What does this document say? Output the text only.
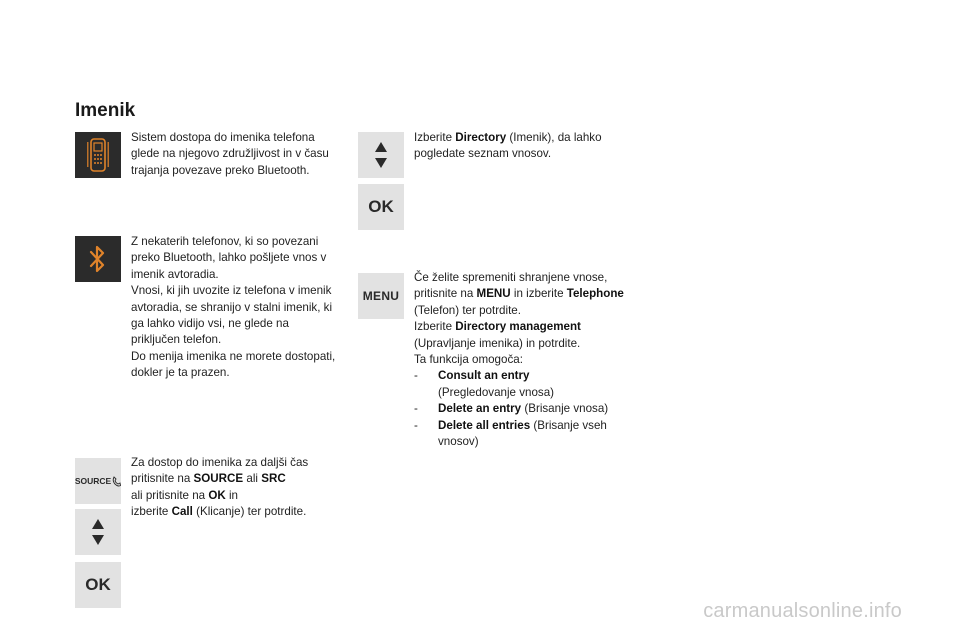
Imenik
SOURCE
OK
OK
MENU

Sistem dostopa do imenika telefona glede na njegovo združljivost in v času trajanja povezave preko Bluetooth.

Z nekaterih telefonov, ki so povezani preko Bluetooth, lahko pošljete vnos v imenik avtoradia.

Vnosi, ki jih uvozite iz telefona v imenik avtoradia, se shranijo v stalni imenik, ki ga lahko vidijo vsi, ne glede na priključen telefon.

Do menija imenika ne morete dostopati, dokler je ta prazen.

Za dostop do imenika za daljši čas pritisnite na SOURCE ali SRC
ali pritisnite na OK in
izberite Call (Klicanje) ter potrdite.

Izberite Directory (Imenik), da lahko pogledate seznam vnosov.

Če želite spremeniti shranjene vnose, pritisnite na MENU in izberite Telephone (Telefon) ter potrdite.

Izberite Directory management (Upravljanje imenika) in potrdite.

Ta funkcija omogoča:

- Consult an entry
(Pregledovanje vnosa)
- Delete an entry (Brisanje vnosa)
- Delete all entries (Brisanje vseh vnosov)
carmanualsonline.info
